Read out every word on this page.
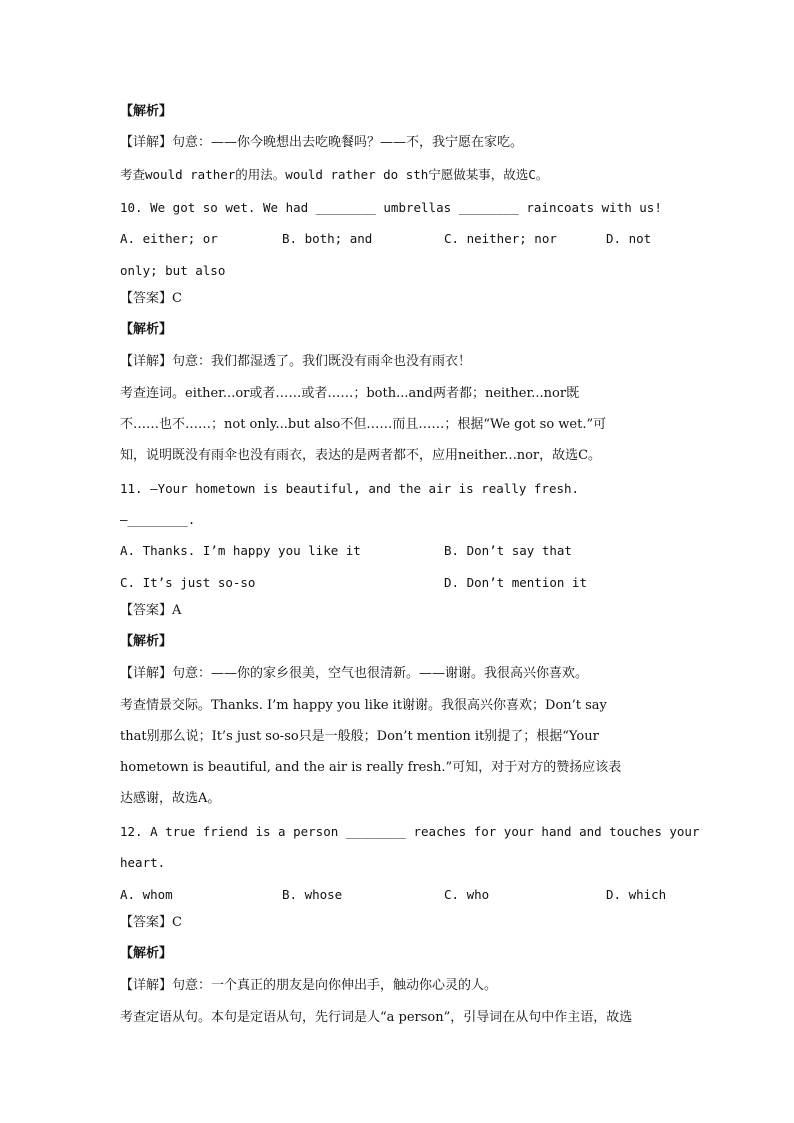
【解析】
【详解】句意：——你今晚想出去吃晚餐吗？——不，我宁愿在家吃。
考查would rather的用法。would rather do sth宁愿做某事，故选C。
10. We got so wet. We had ________ umbrellas ________ raincoats with us!
A. either; or	B. both; and	C. neither; nor	D. not
only; but also
【答案】C
【解析】
【详解】句意：我们都湿透了。我们既没有雨伞也没有雨衣！
考查连词。either...or或者……或者……；both...and两者都；neither...nor既
不……也不……；not only...but also不但……而且……；根据“We got so wet.”可
知，说明既没有雨伞也没有雨衣，表达的是两者都不，应用neither...nor，故选C。
11. —Your hometown is beautiful, and the air is really fresh.
—________.
A. Thanks. I’m happy you like it	B. Don’t say that
C. It’s just so-so	D. Don’t mention it
【答案】A
【解析】
【详解】句意：——你的家乡很美，空气也很清新。——谢谢。我很高兴你喜欢。
考查情景交际。Thanks. I’m happy you like it谢谢。我很高兴你喜欢；Don’t say
that别那么说；It’s just so-so只是一般般；Don’t mention it别提了；根据“Your
hometown is beautiful, and the air is really fresh.”可知，对于对方的赞扬应该表
达感谢，故选A。
12. A true friend is a person ________ reaches for your hand and touches your
heart.
A. whom	B. whose	C. who	D. which
【答案】C
【解析】
【详解】句意：一个真正的朋友是向你伸出手，触动你心灵的人。
考查定语从句。本句是定语从句，先行词是人“a person”，引导词在从句中作主语，故选
